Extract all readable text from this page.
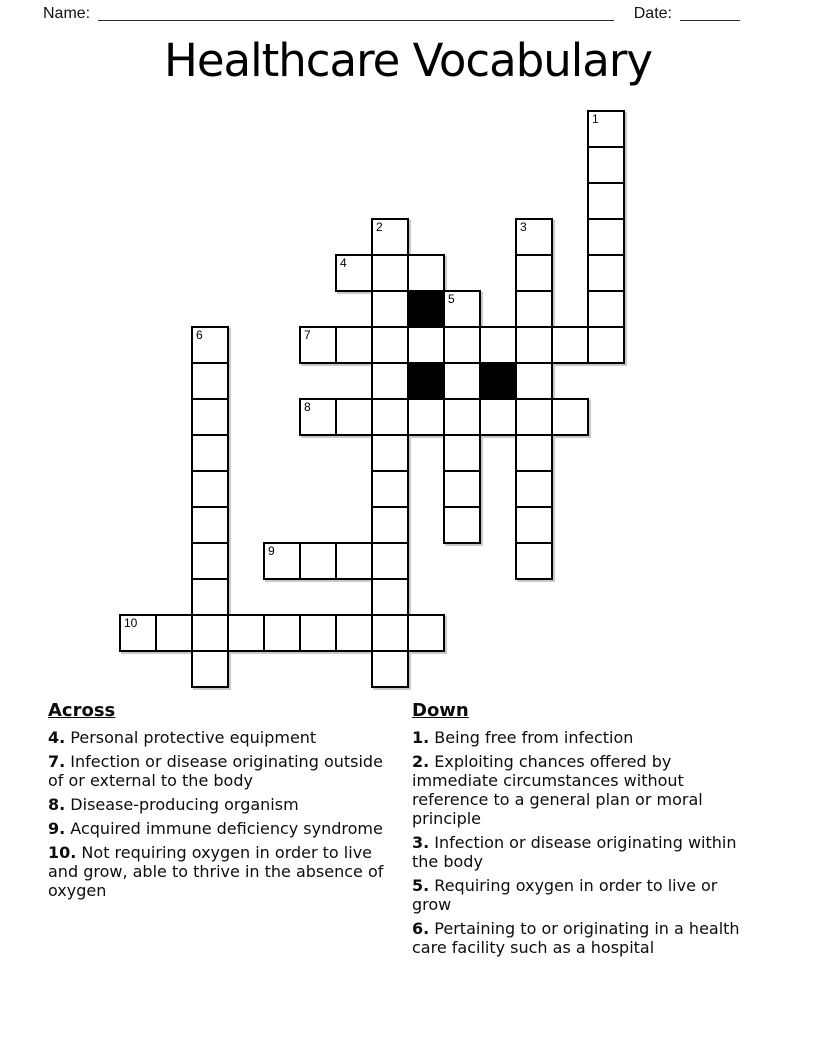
Name:	Date:
Healthcare Vocabulary
1
2	3
4
5
6	7
8
9
10
Across
4. Personal protective equipment
7. Infection or disease originating outside of or external to the body
8. Disease-producing organism
9. Acquired immune deficiency syndrome
10. Not requiring oxygen in order to live and grow, able to thrive in the absence of oxygen
Down
1. Being free from infection
2. Exploiting chances offered by immediate circumstances without reference to a general plan or moral principle
3. Infection or disease originating within the body
5. Requiring oxygen in order to live or grow
6. Pertaining to or originating in a health care facility such as a hospital
